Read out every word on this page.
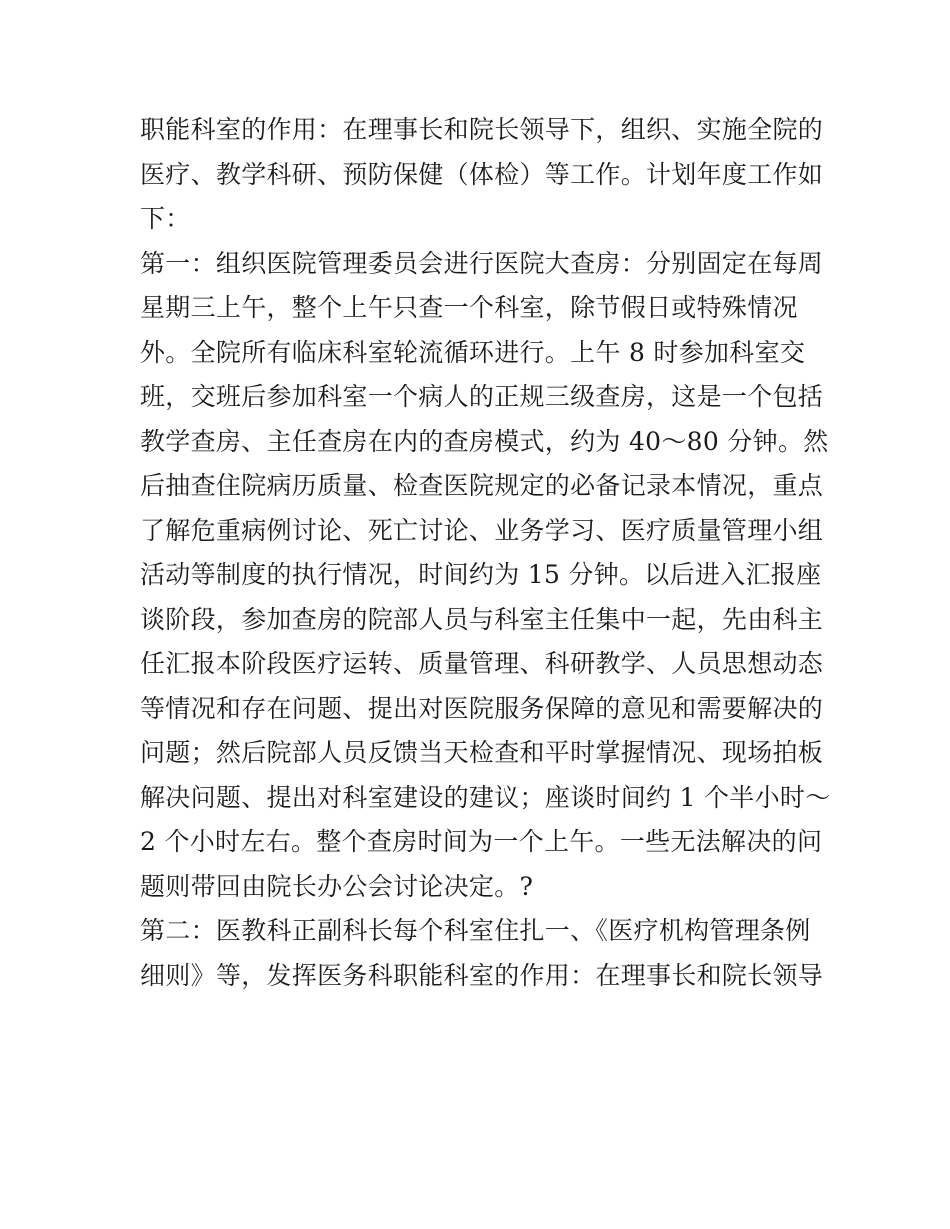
职能科室的作用：在理事长和院长领导下，组织、实施全院的
医疗、教学科研、预防保健（体检）等工作。计划年度工作如
下：
第一：组织医院管理委员会进行医院大查房：分别固定在每周
星期三上午，整个上午只查一个科室，除节假日或特殊情况
外。全院所有临床科室轮流循环进行。上午 8 时参加科室交
班，交班后参加科室一个病人的正规三级查房，这是一个包括
教学查房、主任查房在内的查房模式，约为 40～80 分钟。然
后抽查住院病历质量、检查医院规定的必备记录本情况，重点
了解危重病例讨论、死亡讨论、业务学习、医疗质量管理小组
活动等制度的执行情况，时间约为 15 分钟。以后进入汇报座
谈阶段，参加查房的院部人员与科室主任集中一起，先由科主
任汇报本阶段医疗运转、质量管理、科研教学、人员思想动态
等情况和存在问题、提出对医院服务保障的意见和需要解决的
问题；然后院部人员反馈当天检查和平时掌握情况、现场拍板
解决问题、提出对科室建设的建议；座谈时间约 1 个半小时～
2 个小时左右。整个查房时间为一个上午。一些无法解决的问
题则带回由院长办公会讨论决定。?
第二：医教科正副科长每个科室住扎一、《医疗机构管理条例
细则》等，发挥医务科职能科室的作用：在理事长和院长领导
